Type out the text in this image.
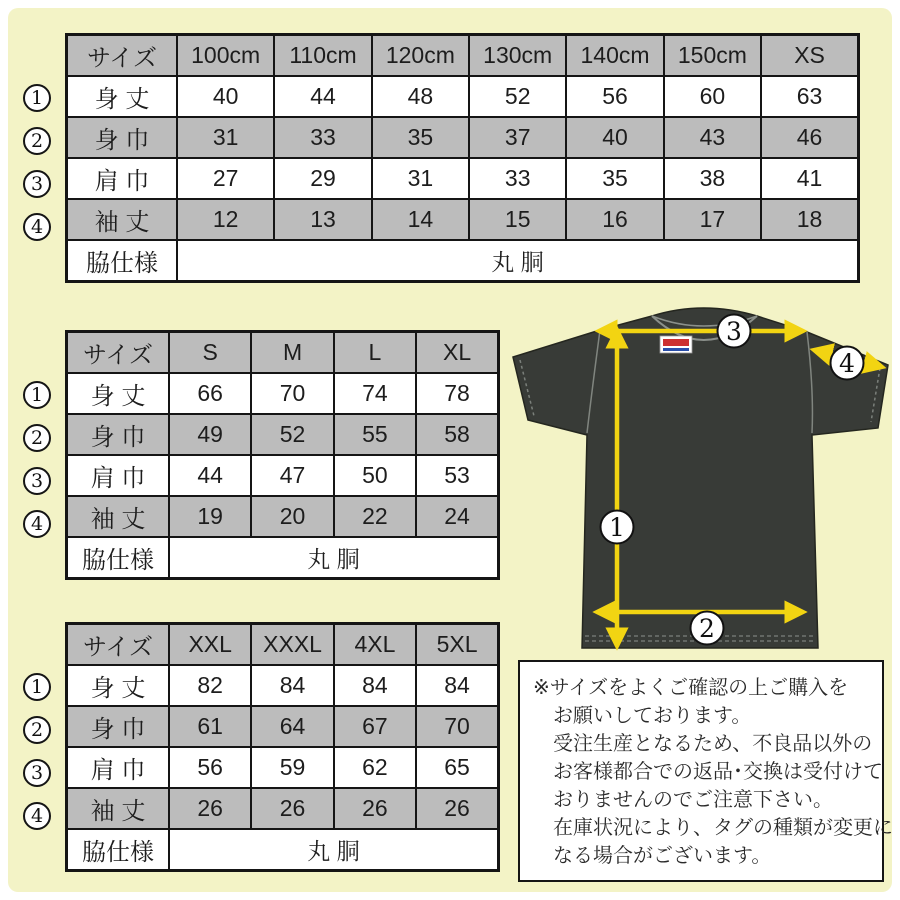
サイズ	100cm	110cm	120cm	130cm	140cm	150cm	XS
身 丈	40	44	48	52	56	60	63
身 巾	31	33	35	37	40	43	46
肩 巾	27	29	31	33	35	38	41
袖 丈	12	13	14	15	16	17	18
脇仕様	丸 胴						
サイズ	S	M	L	XL
身 丈	66	70	74	78
身 巾	49	52	55	58
肩 巾	44	47	50	53
袖 丈	19	20	22	24
脇仕様	丸 胴			
サイズ	XXL	XXXL	4XL	5XL
身 丈	82	84	84	84
身 巾	61	64	67	70
肩 巾	56	59	62	65
袖 丈	26	26	26	26
脇仕様	丸 胴			
1
2
3
4
1
2
3
4
1
2
3
4
3
4
1
2
※サイズをよくご確認の上ご購入を
お願いしております。
受注生産となるため、不良品以外の
お客様都合での返品･交換は受付けて
おりませんのでご注意下さい。
在庫状況により、タグの種類が変更に
なる場合がございます。
